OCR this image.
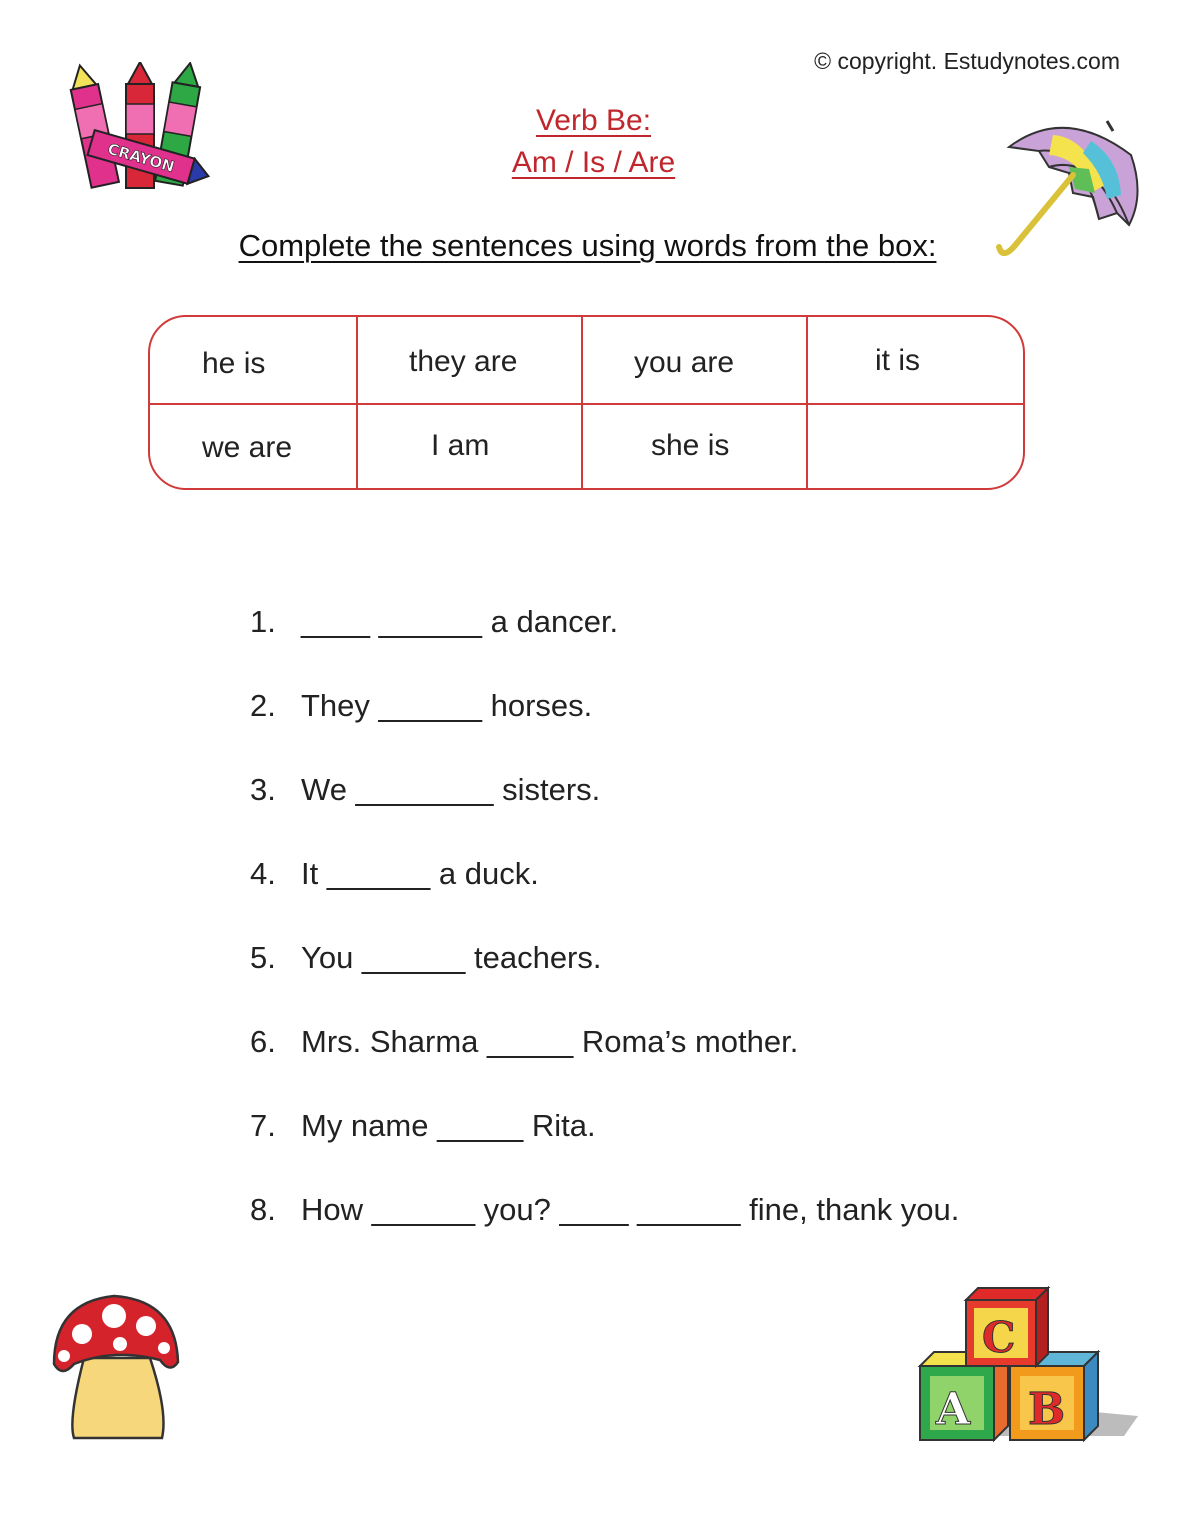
© copyright. Estudynotes.com
Verb Be:
Am / Is / Are
Complete the sentences using words from the box:
he is	they are	you are	it is
we are	I am	she is
1. ____ ______ a dancer.
2. They ______ horses.
3. We ________ sisters.
4. It ______ a duck.
5. You ______ teachers.
6. Mrs. Sharma _____ Roma’s mother.
7. My name _____ Rita.
8. How ______ you? ____ ______ fine, thank you.
CRAYON
A B
C
